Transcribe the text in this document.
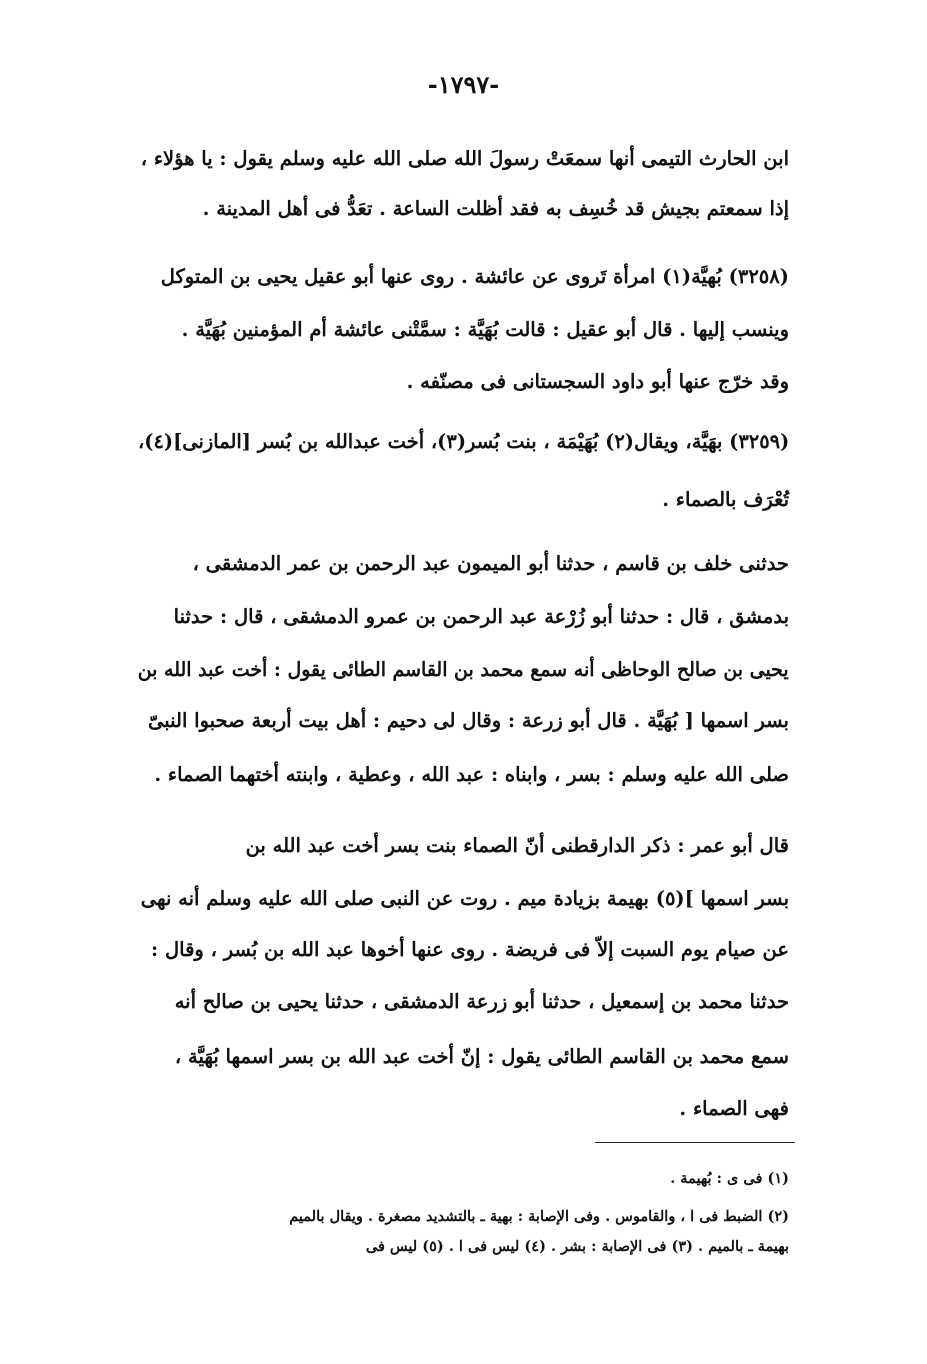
-١٧٩٧-
ابن الحارث التيمى أنها سمعَتْ رسولَ الله صلى الله عليه وسلم يقول : يا هؤلاء ،
إذا سمعتم بجيش قد خُسِف به فقد أظلت الساعة . تعَدُّ فى أهل المدينة .
(٣٢٥٨) بُهيَّة(١) امرأة تَروى عن عائشة . روى عنها أبو عقيل يحيى بن المتوكل
وينسب إليها . قال أبو عقيل : قالت بُهَيَّة : سمَّتْنى عائشة أم المؤمنين بُهَيَّة .
وقد خرّج عنها أبو داود السجستانى فى مصنّفه .
(٣٢٥٩) بهَيَّة، ويقال(٢) بُهَيْمَة ، بنت بُسر(٣)، أخت عبدالله بن بُسر [المازنى](٤)،
تُعْرَف بالصماء .
حدثنى خلف بن قاسم ، حدثنا أبو الميمون عبد الرحمن بن عمر الدمشقى ،
بدمشق ، قال : حدثنا أبو زُرْعة عبد الرحمن بن عمرو الدمشقى ، قال : حدثنا
يحيى بن صالح الوحاظى أنه سمع محمد بن القاسم الطائى يقول : أخت عبد الله بن
بسر اسمها [ بُهَيَّة . قال أبو زرعة : وقال لى دحيم : أهل بيت أربعة صحبوا النبىّ
صلى الله عليه وسلم : بسر ، وابناه : عبد الله ، وعطية ، وابنته أختهما الصماء .
قال أبو عمر : ذكر الدارقطنى أنّ الصماء بنت بسر أخت عبد الله بن
بسر اسمها ](٥) بهيمة بزيادة ميم . روت عن النبى صلى الله عليه وسلم أنه نهى
عن صيام يوم السبت إلاّ فى فريضة . روى عنها أخوها عبد الله بن بُسر ، وقال :
حدثنا محمد بن إسمعيل ، حدثنا أبو زرعة الدمشقى ، حدثنا يحيى بن صالح أنه
سمع محمد بن القاسم الطائى يقول : إنّ أخت عبد الله بن بسر اسمها بُهَيَّة ،
فهى الصماء .
(١) فى ى : بُهيمة .
(٢) الضبط فى ا ، والقاموس . وفى الإصابة : بهية ـ بالتشديد مصغرة . ويقال بالميم
بهيمة ـ بالميم . (٣) فى الإصابة : بشر . (٤) ليس فى ا . (٥) ليس فى
